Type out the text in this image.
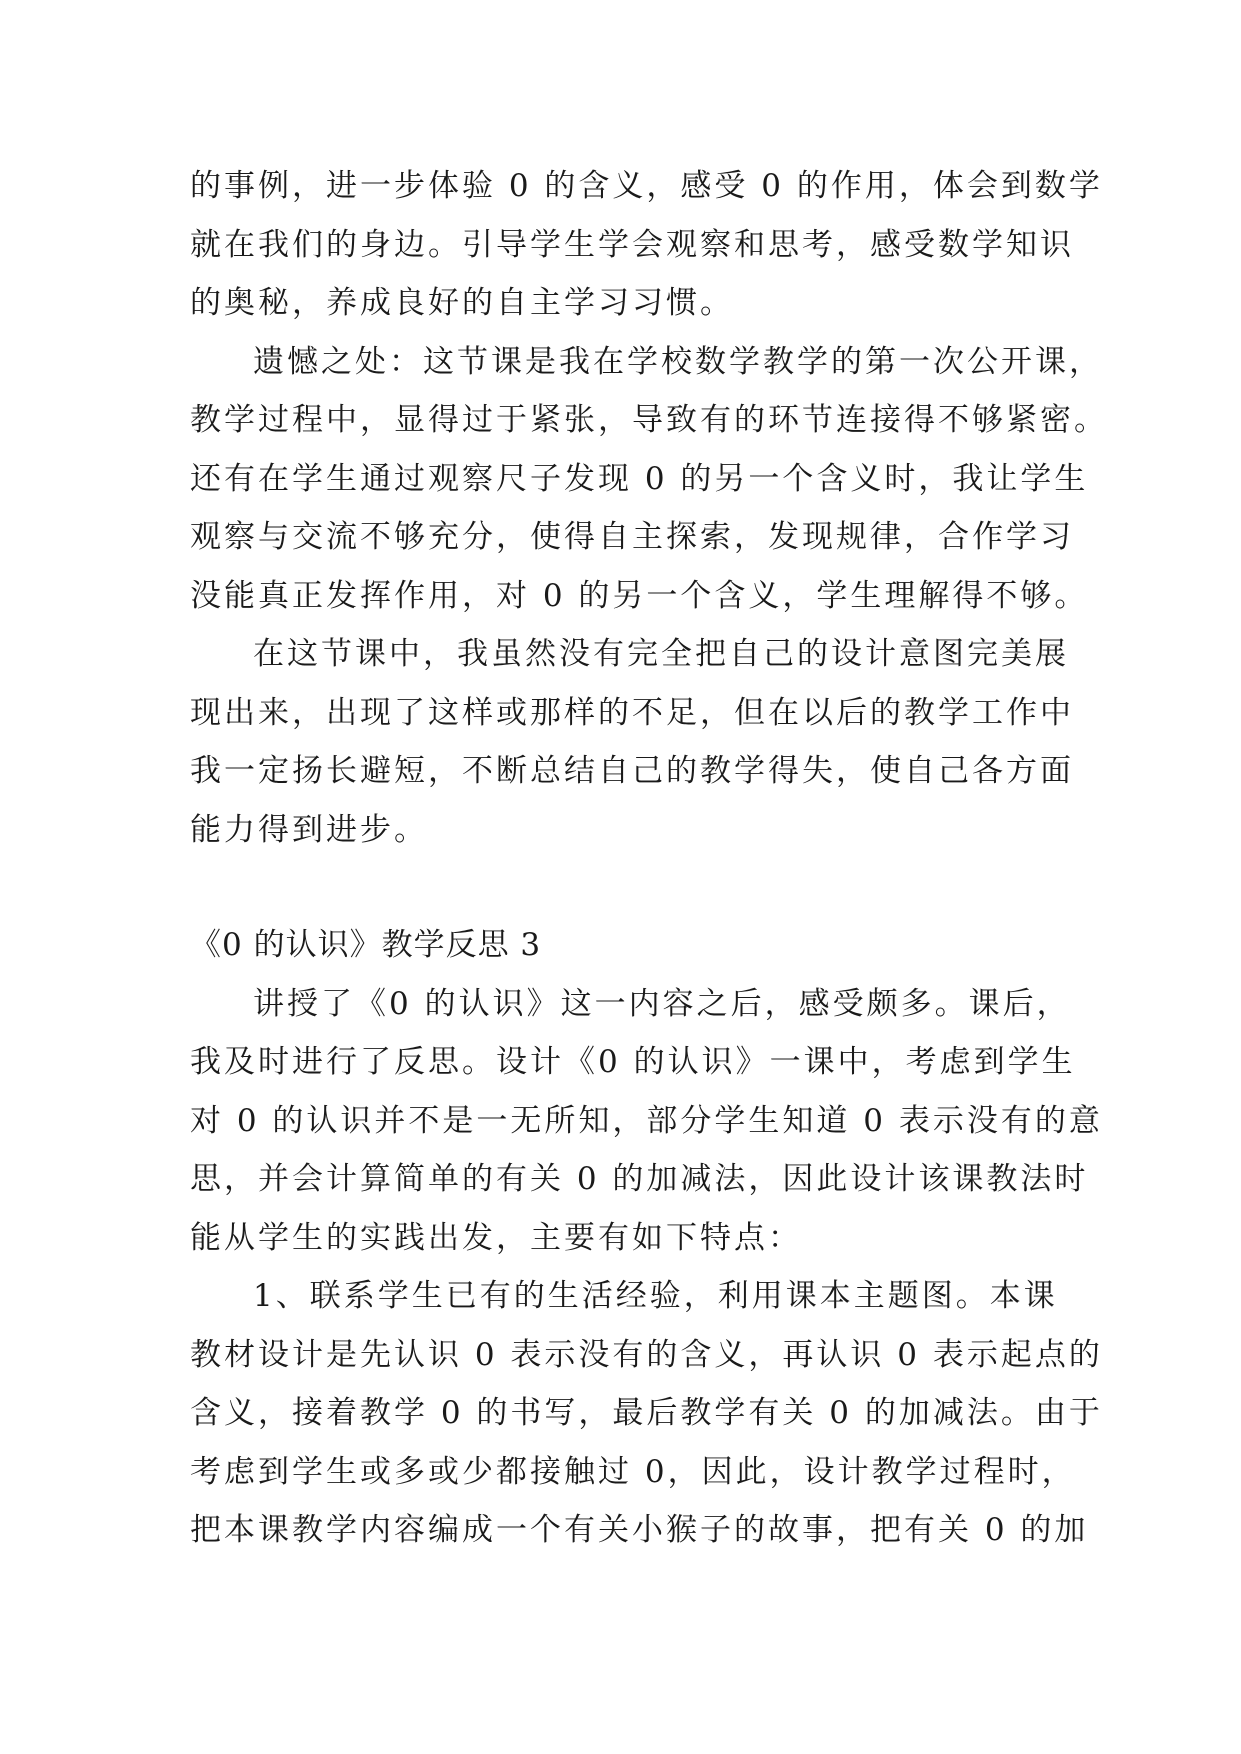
的事例，进一步体验 0 的含义，感受 0 的作用，体会到数学
就在我们的身边。引导学生学会观察和思考，感受数学知识
的奥秘，养成良好的自主学习习惯。
遗憾之处：这节课是我在学校数学教学的第一次公开课，
教学过程中，显得过于紧张，导致有的环节连接得不够紧密。
还有在学生通过观察尺子发现 0 的另一个含义时，我让学生
观察与交流不够充分，使得自主探索，发现规律，合作学习
没能真正发挥作用，对 0 的另一个含义，学生理解得不够。
在这节课中，我虽然没有完全把自己的设计意图完美展
现出来，出现了这样或那样的不足，但在以后的教学工作中
我一定扬长避短，不断总结自己的教学得失，使自己各方面
能力得到进步。
《0 的认识》教学反思 3
讲授了《0 的认识》这一内容之后，感受颇多。课后，
我及时进行了反思。设计《0 的认识》一课中，考虑到学生
对 0 的认识并不是一无所知，部分学生知道 0 表示没有的意
思，并会计算简单的有关 0 的加减法，因此设计该课教法时
能从学生的实践出发，主要有如下特点：
1、联系学生已有的生活经验，利用课本主题图。本课
教材设计是先认识 0 表示没有的含义，再认识 0 表示起点的
含义，接着教学 0 的书写，最后教学有关 0 的加减法。由于
考虑到学生或多或少都接触过 0，因此，设计教学过程时，
把本课教学内容编成一个有关小猴子的故事，把有关 0 的加
